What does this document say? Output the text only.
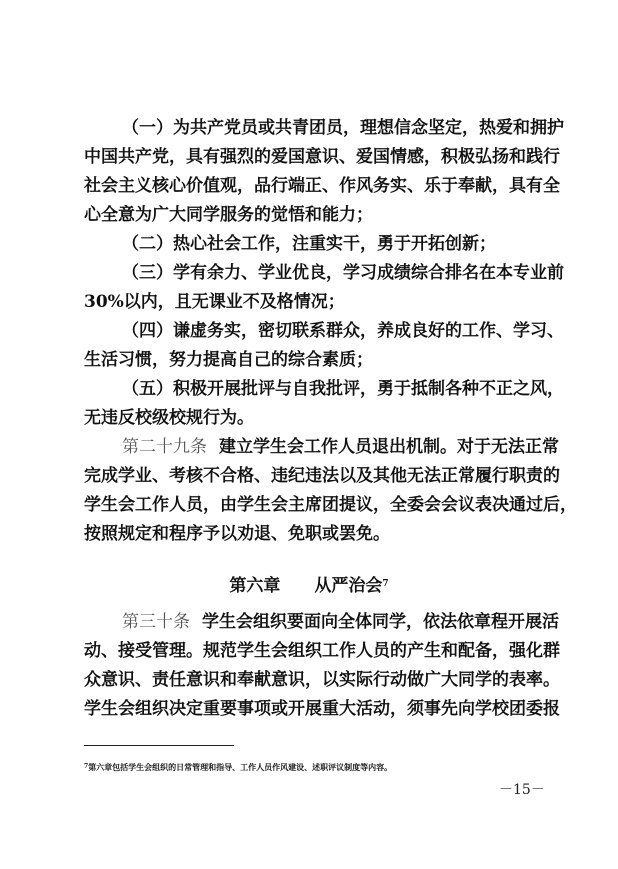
（一）为共产党员或共青团员，理想信念坚定，热爱和拥护
中国共产党，具有强烈的爱国意识、爱国情感，积极弘扬和践行
社会主义核心价值观，品行端正、作风务实、乐于奉献，具有全
心全意为广大同学服务的觉悟和能力；
（二）热心社会工作，注重实干，勇于开拓创新；
（三）学有余力、学业优良，学习成绩综合排名在本专业前
30%以内，且无课业不及格情况；
（四）谦虚务实，密切联系群众，养成良好的工作、学习、
生活习惯，努力提高自己的综合素质；
（五）积极开展批评与自我批评，勇于抵制各种不正之风，
无违反校级校规行为。
第二十九条 建立学生会工作人员退出机制。对于无法正常
完成学业、考核不合格、违纪违法以及其他无法正常履行职责的
学生会工作人员，由学生会主席团提议，全委会会议表决通过后，
按照规定和程序予以劝退、免职或罢免。
第六章 从严治会$^7$
第三十条 学生会组织要面向全体同学，依法依章程开展活
动、接受管理。规范学生会组织工作人员的产生和配备，强化群
众意识、责任意识和奉献意识，以实际行动做广大同学的表率。
学生会组织决定重要事项或开展重大活动，须事先向学校团委报
$^7$第六章包括学生会组织的日常管理和指导、工作人员作风建设、述职评议制度等内容。
－15－
